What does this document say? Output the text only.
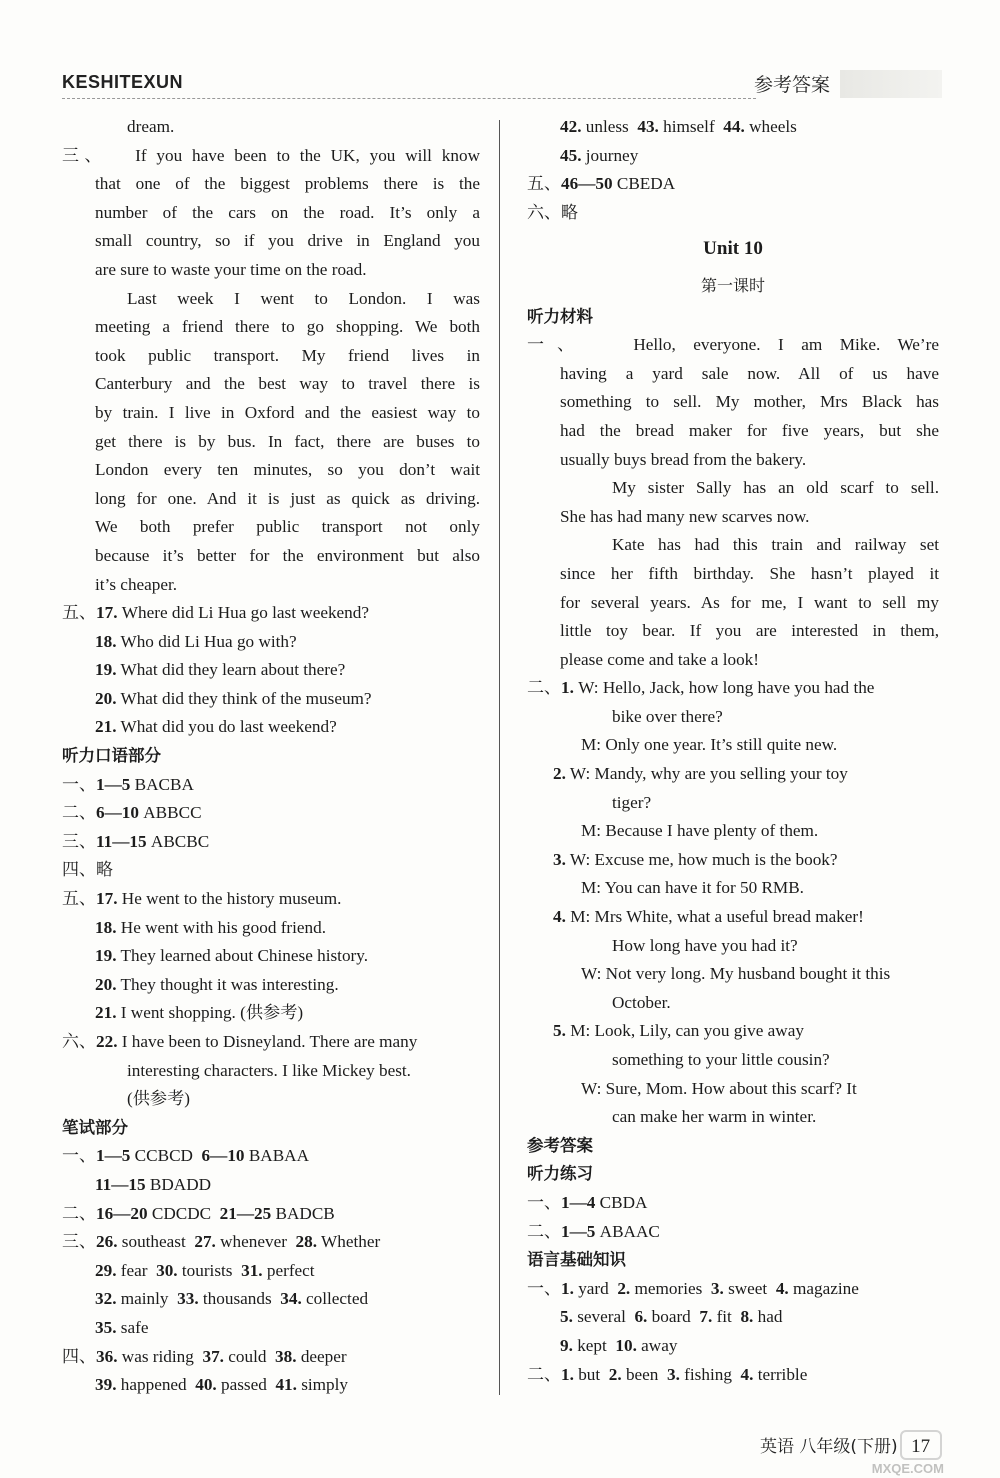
KESHITEXUN	参考答案
dream.
三、 If you have been to the UK, you will know
that one of the biggest problems there is the
number of the cars on the road. It’s only a
small country, so if you drive in England you
are sure to waste your time on the road.
Last week I went to London. I was
meeting a friend there to go shopping. We both
took public transport. My friend lives in
Canterbury and the best way to travel there is
by train. I live in Oxford and the easiest way to
get there is by bus. In fact, there are buses to
London every ten minutes, so you don’t wait
long for one. And it is just as quick as driving.
We both prefer public transport not only
because it’s better for the environment but also
it’s cheaper.
五、17. Where did Li Hua go last weekend?
18. Who did Li Hua go with?
19. What did they learn about there?
20. What did they think of the museum?
21. What did you do last weekend?
听力口语部分
一、1—5 BACBA
二、6—10 ABBCC
三、11—15 ABCBC
四、略
五、17. He went to the history museum.
18. He went with his good friend.
19. They learned about Chinese history.
20. They thought it was interesting.
21. I went shopping. (供参考)
六、22. I have been to Disneyland. There are many
interesting characters. I like Mickey best.
(供参考)
笔试部分
一、1—5 CCBCD 6—10 BABAA
11—15 BDADD
二、16—20 CDCDC 21—25 BADCB
三、26. southeast 27. whenever 28. Whether
29. fear 30. tourists 31. perfect
32. mainly 33. thousands 34. collected
35. safe
四、36. was riding 37. could 38. deeper
39. happened 40. passed 41. simply
42. unless 43. himself 44. wheels
45. journey
五、46—50 CBEDA
六、略
Unit 10
第一课时
听力材料
一、	Hello, everyone. I am Mike. We’re
having a yard sale now. All of us have
something to sell. My mother, Mrs Black has
had the bread maker for five years, but she
usually buys bread from the bakery.
My sister Sally has an old scarf to sell.
She has had many new scarves now.
Kate has had this train and railway set
since her fifth birthday. She hasn’t played it
for several years. As for me, I want to sell my
little toy bear. If you are interested in them,
please come and take a look!
二、1. W: Hello, Jack, how long have you had the
bike over there?
M: Only one year. It’s still quite new.
2. W: Mandy, why are you selling your toy
tiger?
M: Because I have plenty of them.
3. W: Excuse me, how much is the book?
M: You can have it for 50 RMB.
4. M: Mrs White, what a useful bread maker!
How long have you had it?
W: Not very long. My husband bought it this
October.
5. M: Look, Lily, can you give away
something to your little cousin?
W: Sure, Mom. How about this scarf? It
can make her warm in winter.
参考答案
听力练习
一、1—4 CBDA
二、1—5 ABAAC
语言基础知识
一、1. yard 2. memories 3. sweet 4. magazine
5. several 6. board 7. fit 8. had
9. kept 10. away
二、1. but 2. been 3. fishing 4. terrible
英语 八年级(下册) 17
MXQE.COM
